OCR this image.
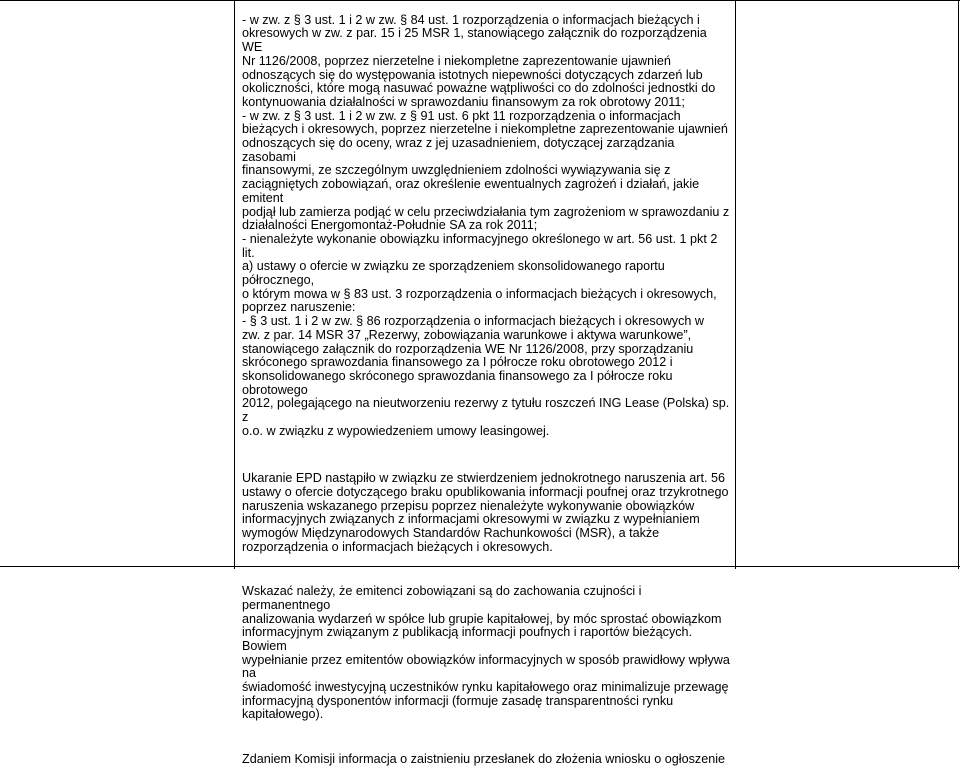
- w zw. z § 3 ust. 1 i 2 w zw. § 84 ust. 1 rozporządzenia o informacjach bieżących i
okresowych w zw. z par. 15 i 25 MSR 1, stanowiącego załącznik do rozporządzenia WE
Nr 1126/2008, poprzez nierzetelne i niekompletne zaprezentowanie ujawnień
odnoszących się do występowania istotnych niepewności dotyczących zdarzeń lub
okoliczności, które mogą nasuwać poważne wątpliwości co do zdolności jednostki do
kontynuowania działalności w sprawozdaniu finansowym za rok obrotowy 2011;
- w zw. z § 3 ust. 1 i 2 w zw. z § 91 ust. 6 pkt 11 rozporządzenia o informacjach
bieżących i okresowych, poprzez nierzetelne i niekompletne zaprezentowanie ujawnień
odnoszących się do oceny, wraz z jej uzasadnieniem, dotyczącej zarządzania zasobami
finansowymi, ze szczególnym uwzględnieniem zdolności wywiązywania się z
zaciągniętych zobowiązań, oraz określenie ewentualnych zagrożeń i działań, jakie emitent
podjął lub zamierza podjąć w celu przeciwdziałania tym zagrożeniom w sprawozdaniu z
działalności Energomontaż-Południe SA za rok 2011;
- nienależyte wykonanie obowiązku informacyjnego określonego w art. 56 ust. 1 pkt 2 lit.
a) ustawy o ofercie w związku ze sporządzeniem skonsolidowanego raportu półrocznego,
o którym mowa w § 83 ust. 3 rozporządzenia o informacjach bieżących i okresowych,
poprzez naruszenie:
- § 3 ust. 1 i 2 w zw. § 86 rozporządzenia o informacjach bieżących i okresowych w
zw. z par. 14 MSR 37 „Rezerwy, zobowiązania warunkowe i aktywa warunkowe”,
stanowiącego załącznik do rozporządzenia WE Nr 1126/2008, przy sporządzaniu
skróconego sprawozdania finansowego za I półrocze roku obrotowego 2012 i
skonsolidowanego skróconego sprawozdania finansowego za I półrocze roku obrotowego
2012, polegającego na nieutworzeniu rezerwy z tytułu roszczeń ING Lease (Polska) sp. z
o.o. w związku z wypowiedzeniem umowy leasingowej.

Ukaranie EPD nastąpiło w związku ze stwierdzeniem jednokrotnego naruszenia art. 56
ustawy o ofercie dotyczącego braku opublikowania informacji poufnej oraz trzykrotnego
naruszenia wskazanego przepisu poprzez nienależyte wykonywanie obowiązków
informacyjnych związanych z informacjami okresowymi w związku z wypełnianiem
wymogów Międzynarodowych Standardów Rachunkowości (MSR), a także
rozporządzenia o informacjach bieżących i okresowych.

Wskazać należy, że emitenci zobowiązani są do zachowania czujności i permanentnego
analizowania wydarzeń w spółce lub grupie kapitałowej, by móc sprostać obowiązkom
informacyjnym związanym z publikacją informacji poufnych i raportów bieżących. Bowiem
wypełnianie przez emitentów obowiązków informacyjnych w sposób prawidłowy wpływa na
świadomość inwestycyjną uczestników rynku kapitałowego oraz minimalizuje przewagę
informacyjną dysponentów informacji (formuje zasadę transparentności rynku
kapitałowego).

Zdaniem Komisji informacja o zaistnieniu przesłanek do złożenia wniosku o ogłoszenie
